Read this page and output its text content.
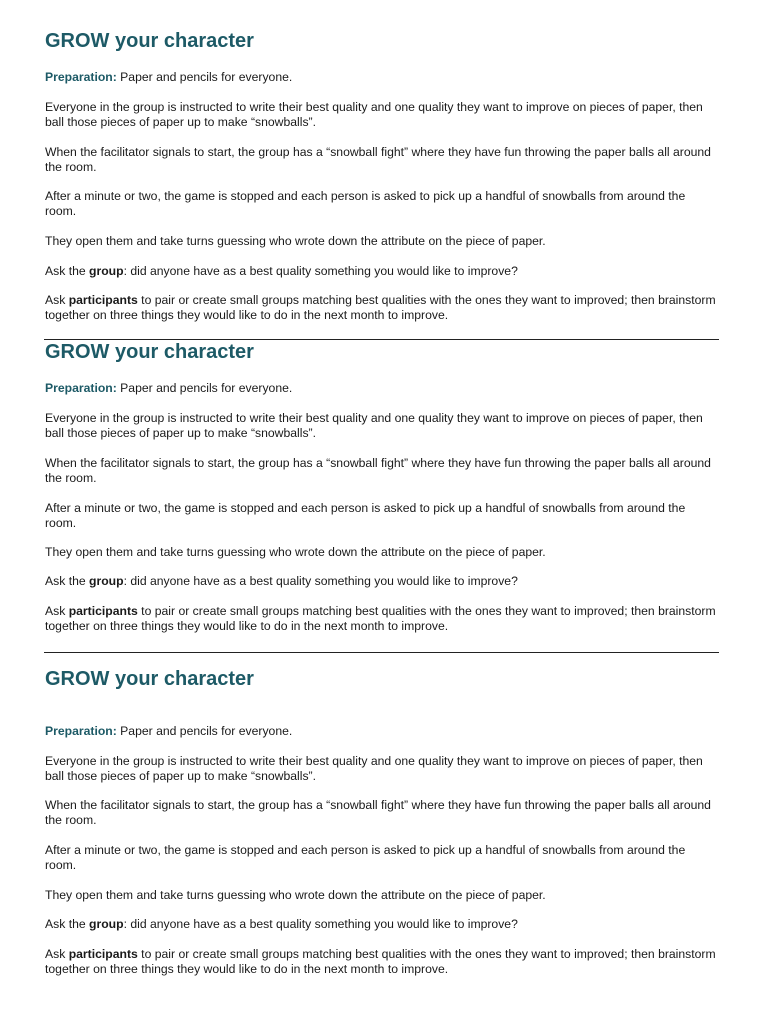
GROW your character

Preparation: Paper and pencils for everyone.

Everyone in the group is instructed to write their best quality and one quality they want to improve on pieces of paper, then ball those pieces of paper up to make “snowballs”.

When the facilitator signals to start, the group has a “snowball fight” where they have fun throwing the paper balls all around the room.

After a minute or two, the game is stopped and each person is asked to pick up a handful of snowballs from around the room.

They open them and take turns guessing who wrote down the attribute on the piece of paper.

Ask the group: did anyone have as a best quality something you would like to improve?

Ask participants to pair or create small groups matching best qualities with the ones they want to improved; then brainstorm together on three things they would like to do in the next month to improve.

GROW your character

Preparation: Paper and pencils for everyone.

Everyone in the group is instructed to write their best quality and one quality they want to improve on pieces of paper, then ball those pieces of paper up to make “snowballs”.

When the facilitator signals to start, the group has a “snowball fight” where they have fun throwing the paper balls all around the room.

After a minute or two, the game is stopped and each person is asked to pick up a handful of snowballs from around the room.

They open them and take turns guessing who wrote down the attribute on the piece of paper.

Ask the group: did anyone have as a best quality something you would like to improve?

Ask participants to pair or create small groups matching best qualities with the ones they want to improved; then brainstorm together on three things they would like to do in the next month to improve.

GROW your character

Preparation: Paper and pencils for everyone.

Everyone in the group is instructed to write their best quality and one quality they want to improve on pieces of paper, then ball those pieces of paper up to make “snowballs”.

When the facilitator signals to start, the group has a “snowball fight” where they have fun throwing the paper balls all around the room.

After a minute or two, the game is stopped and each person is asked to pick up a handful of snowballs from around the room.

They open them and take turns guessing who wrote down the attribute on the piece of paper.

Ask the group: did anyone have as a best quality something you would like to improve?

Ask participants to pair or create small groups matching best qualities with the ones they want to improved; then brainstorm together on three things they would like to do in the next month to improve.
